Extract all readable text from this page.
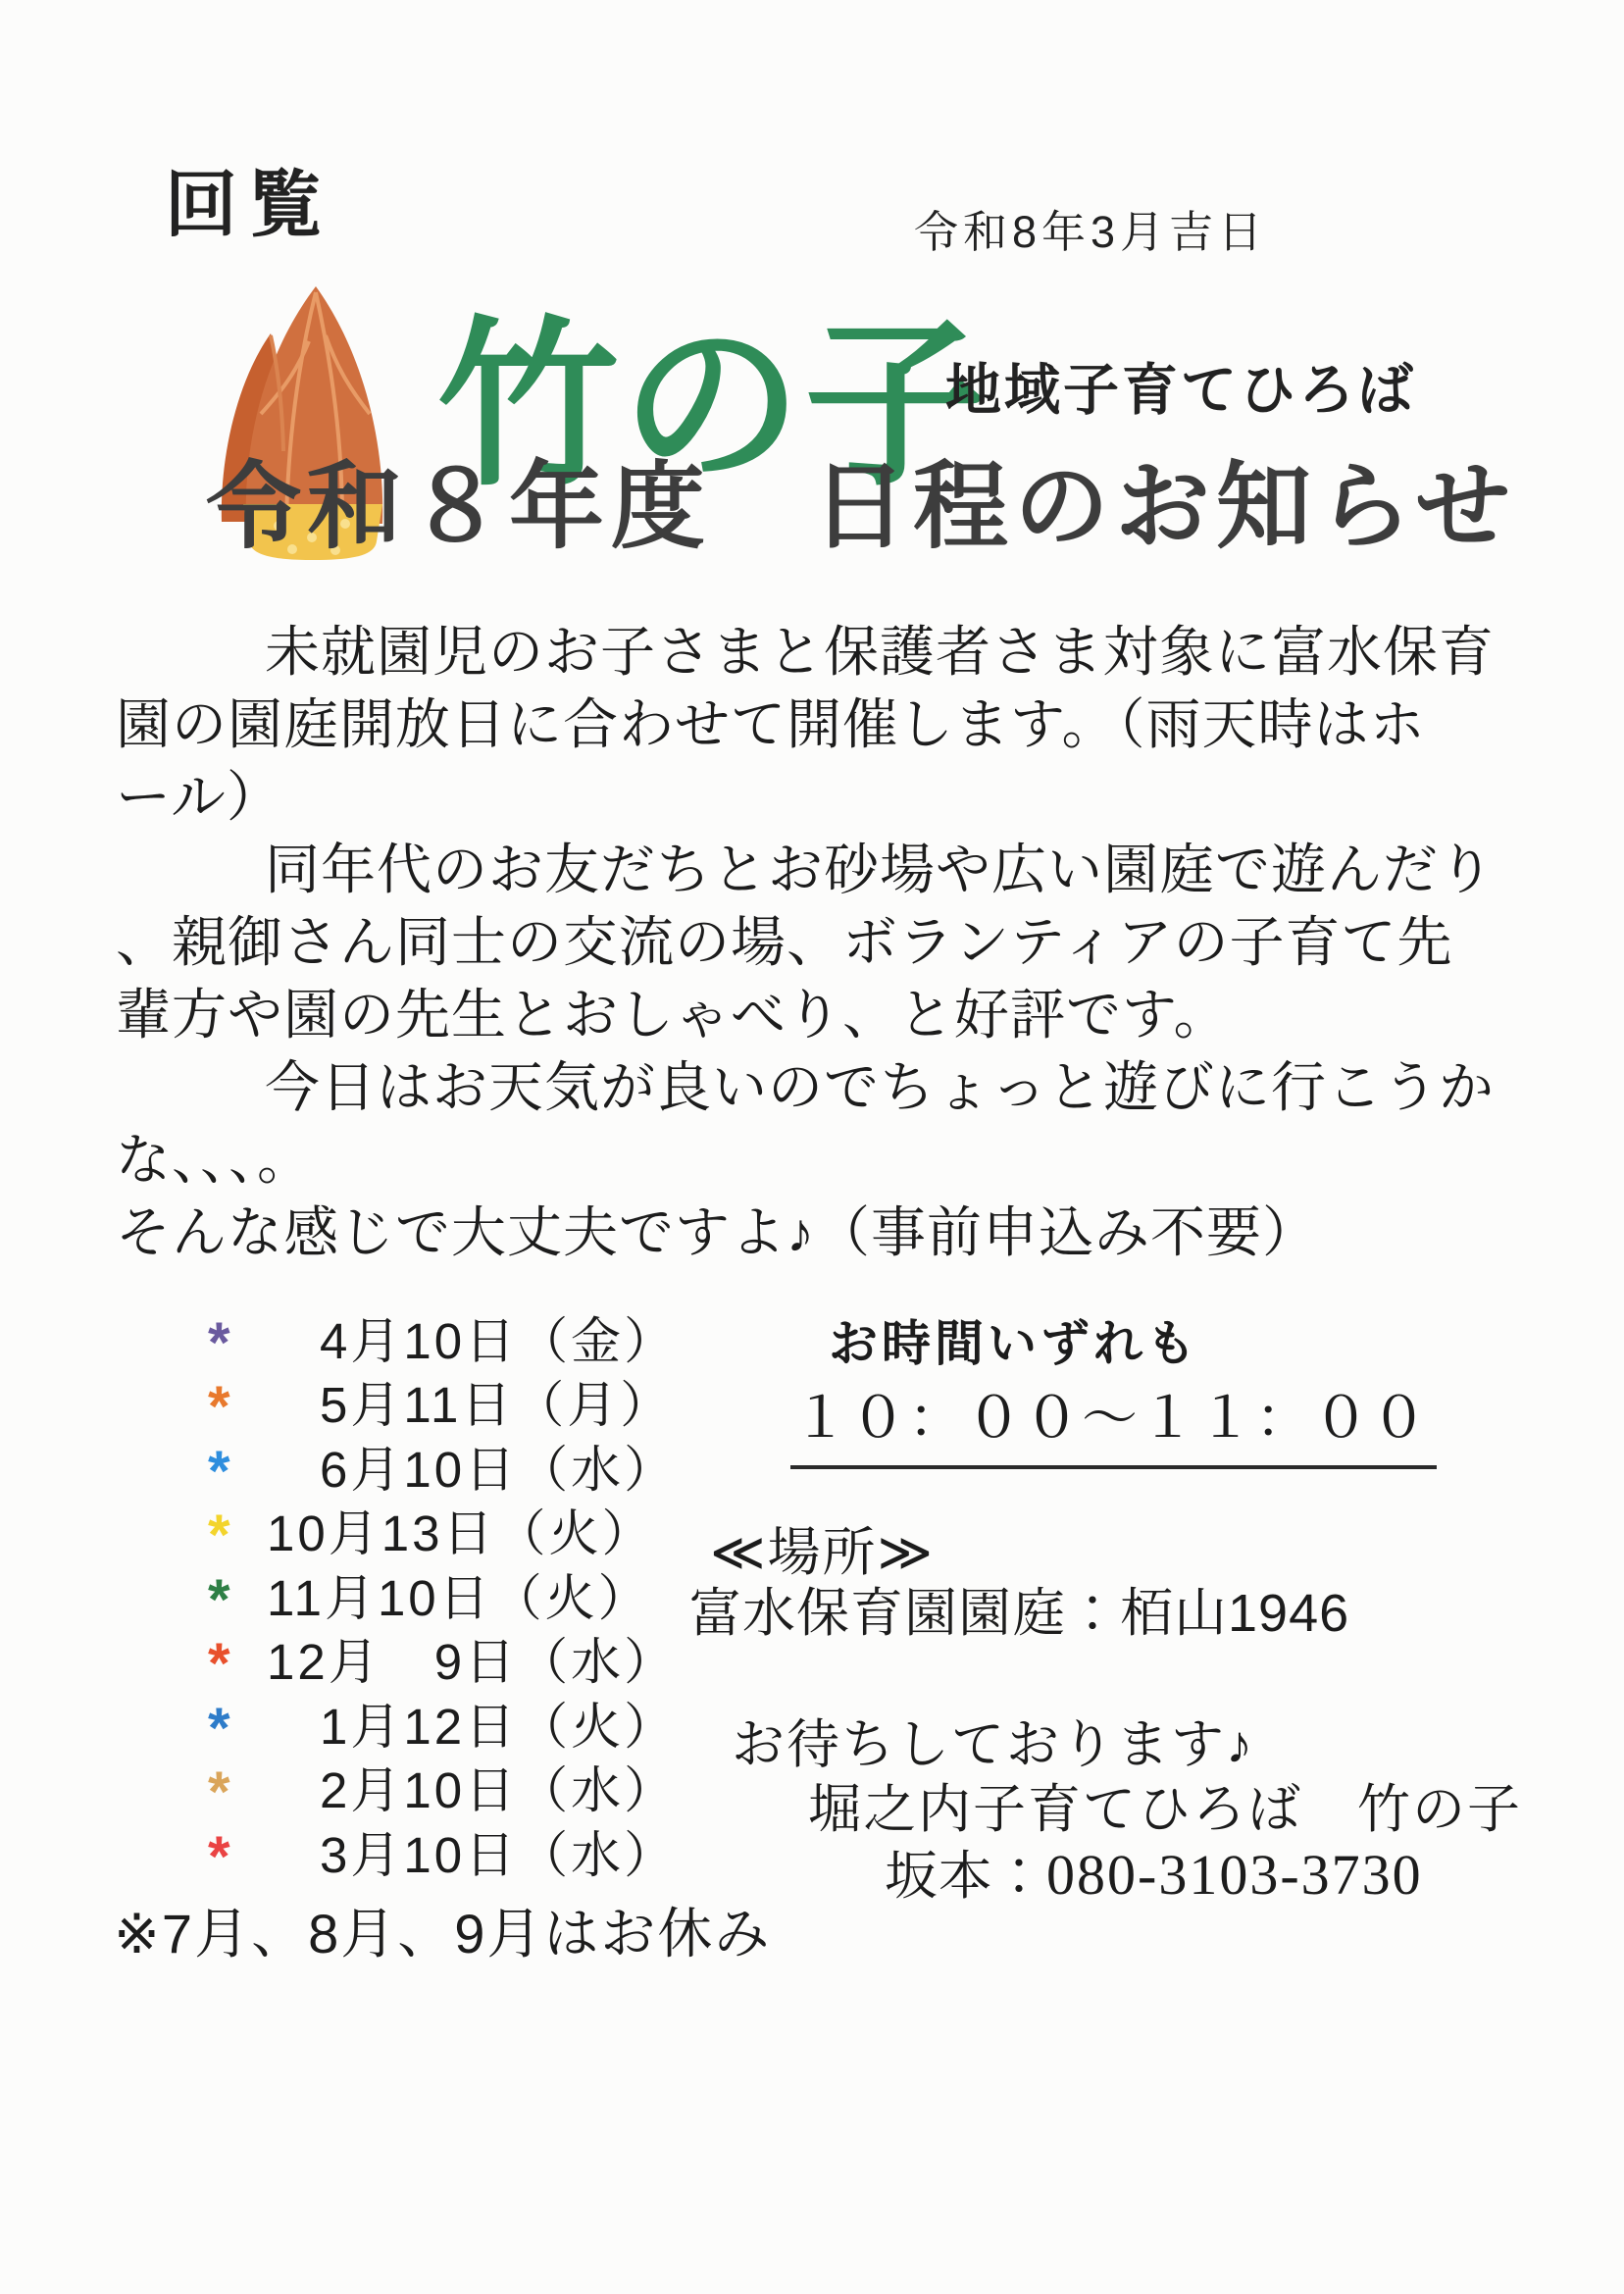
回覧	令和8年3月吉日
竹の子
地域子育てひろば
令和８年度　日程のお知らせ
未就園児のお子さまと保護者さま対象に富水保育
園の園庭開放日に合わせて開催します。（雨天時はホ
ール）
同年代のお友だちとお砂場や広い園庭で遊んだり
、親御さん同士の交流の場、ボランティアの子育て先
輩方や園の先生とおしゃべり、と好評です。
今日はお天気が良いのでちょっと遊びに行こうか
な、、、。
そんな感じで大丈夫ですよ♪（事前申込み不要）
* 　4月10日（金）
* 　5月11日（月）
* 　6月10日（水）
* 10月13日（火）
* 11月10日（火）
* 12月　9日（水）
* 　1月12日（火）
* 　2月10日（水）
* 　3月10日（水）
※7月、8月、9月はお休み
お時間いずれも
１０：００～１１：００
≪場所≫
富水保育園園庭：栢山1946
お待ちしております♪
堀之内子育てひろば　竹の子
坂本：080-3103-3730
